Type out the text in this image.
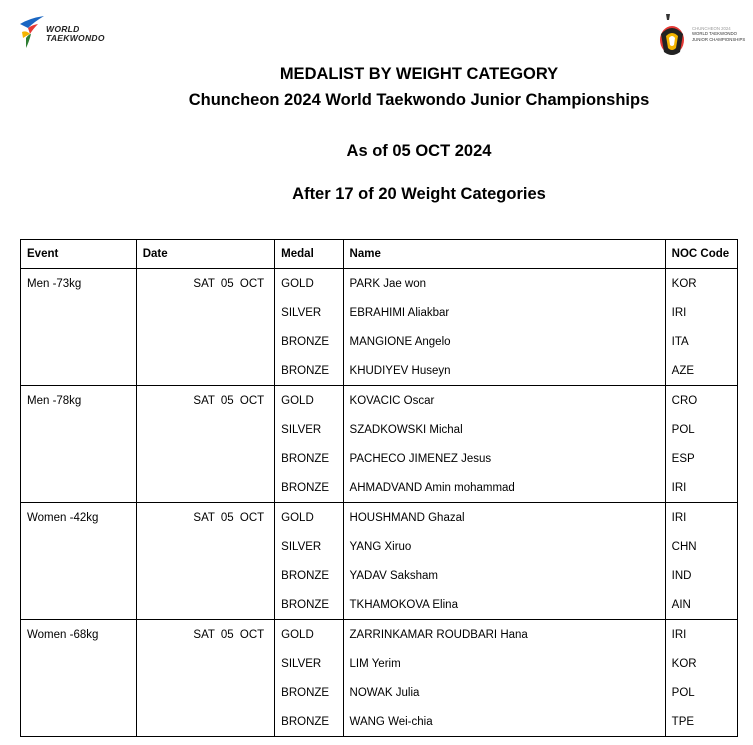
WORLD
TAEKWONDO
CHUNCHEON 2024
WORLD TAEKWONDO
JUNIOR CHAMPIONSHIPS
MEDALIST BY WEIGHT CATEGORY
Chuncheon 2024 World Taekwondo Junior Championships
As of 05 OCT 2024
After 17 of 20 Weight Categories
Event	Date	Medal	Name	NOC Code
Men -73kg	SAT 05 OCT	GOLD	PARK Jae won	KOR
		SILVER	EBRAHIMI Aliakbar	IRI
		BRONZE	MANGIONE Angelo	ITA
		BRONZE	KHUDIYEV Huseyn	AZE
Men -78kg	SAT 05 OCT	GOLD	KOVACIC Oscar	CRO
		SILVER	SZADKOWSKI Michal	POL
		BRONZE	PACHECO JIMENEZ Jesus	ESP
		BRONZE	AHMADVAND Amin mohammad	IRI
Women -42kg	SAT 05 OCT	GOLD	HOUSHMAND Ghazal	IRI
		SILVER	YANG Xiruo	CHN
		BRONZE	YADAV Saksham	IND
		BRONZE	TKHAMOKOVA Elina	AIN
Women -68kg	SAT 05 OCT	GOLD	ZARRINKAMAR ROUDBARI Hana	IRI
		SILVER	LIM Yerim	KOR
		BRONZE	NOWAK Julia	POL
		BRONZE	WANG Wei-chia	TPE
